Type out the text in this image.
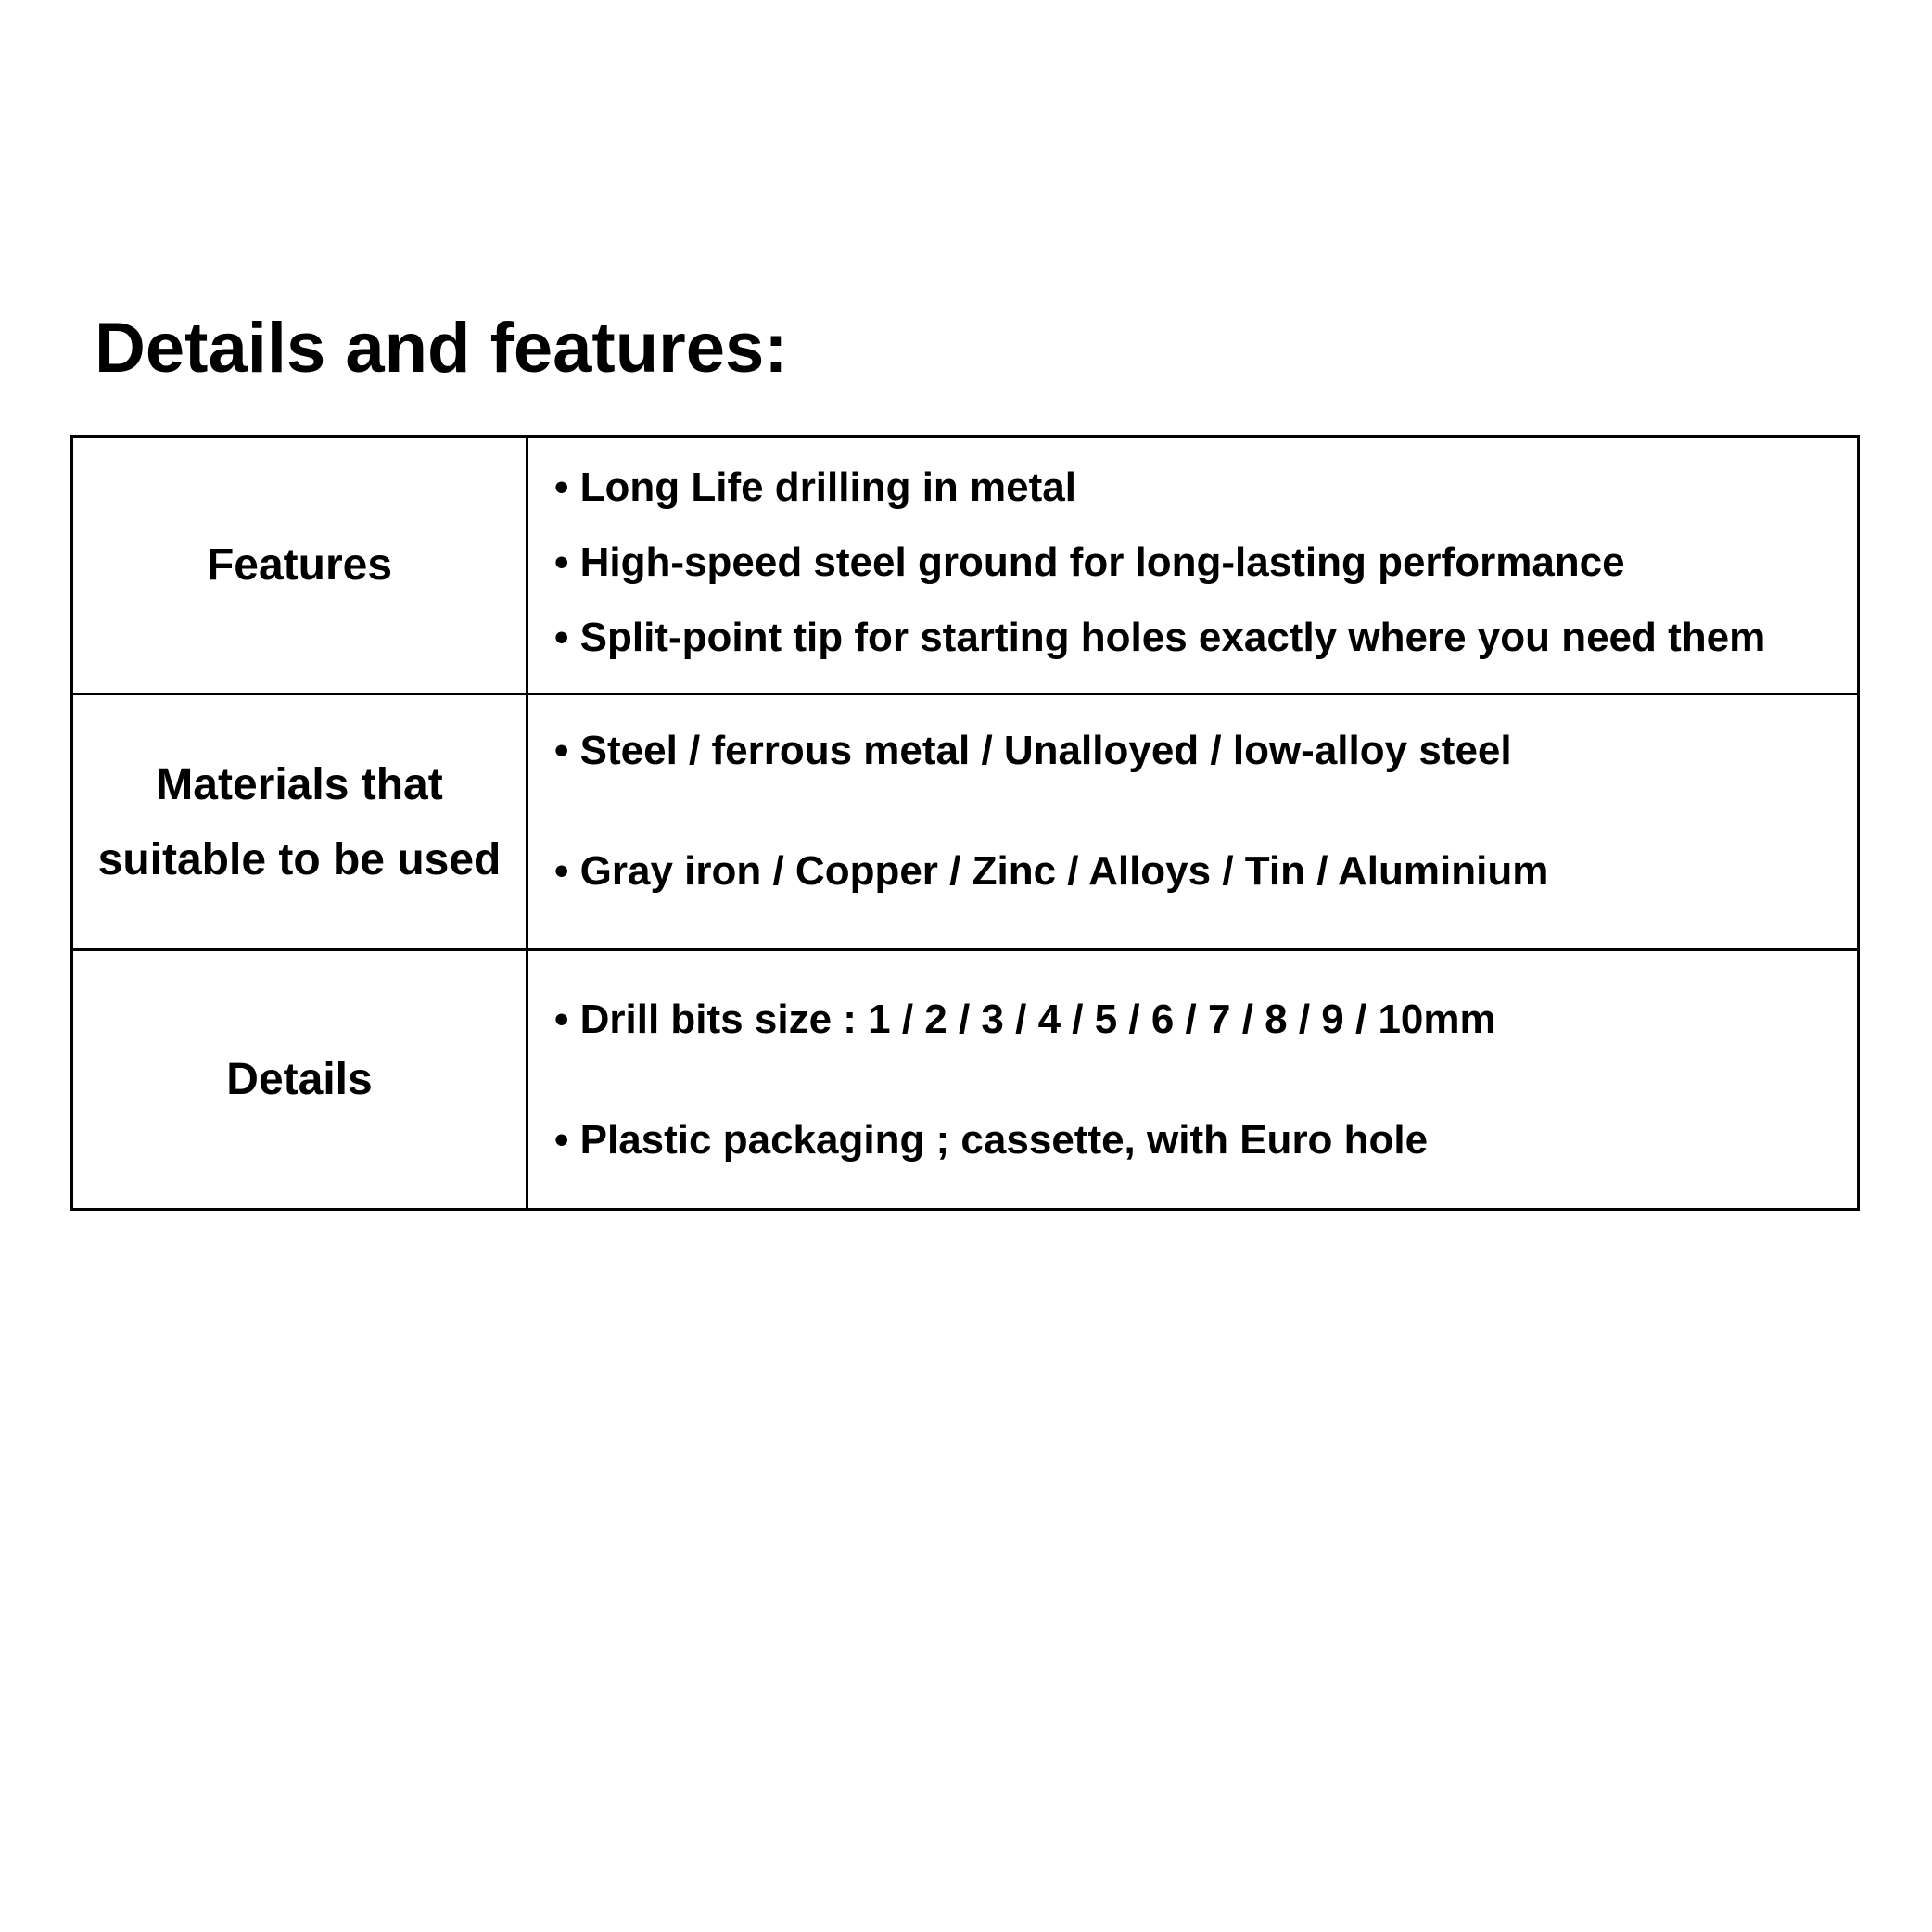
Details and features:
Features	• Long Life drilling in metal
• High-speed steel ground for long-lasting performance
• Split-point tip for starting holes exactly where you need them

Materials that
suitable to be used	• Steel / ferrous metal / Unalloyed / low-alloy steel
• Gray iron / Copper / Zinc / Alloys / Tin / Aluminium

Details	• Drill bits size : 1 / 2 / 3 / 4 / 5 / 6 / 7 / 8 / 9 / 10mm
• Plastic packaging ; cassette, with Euro hole
